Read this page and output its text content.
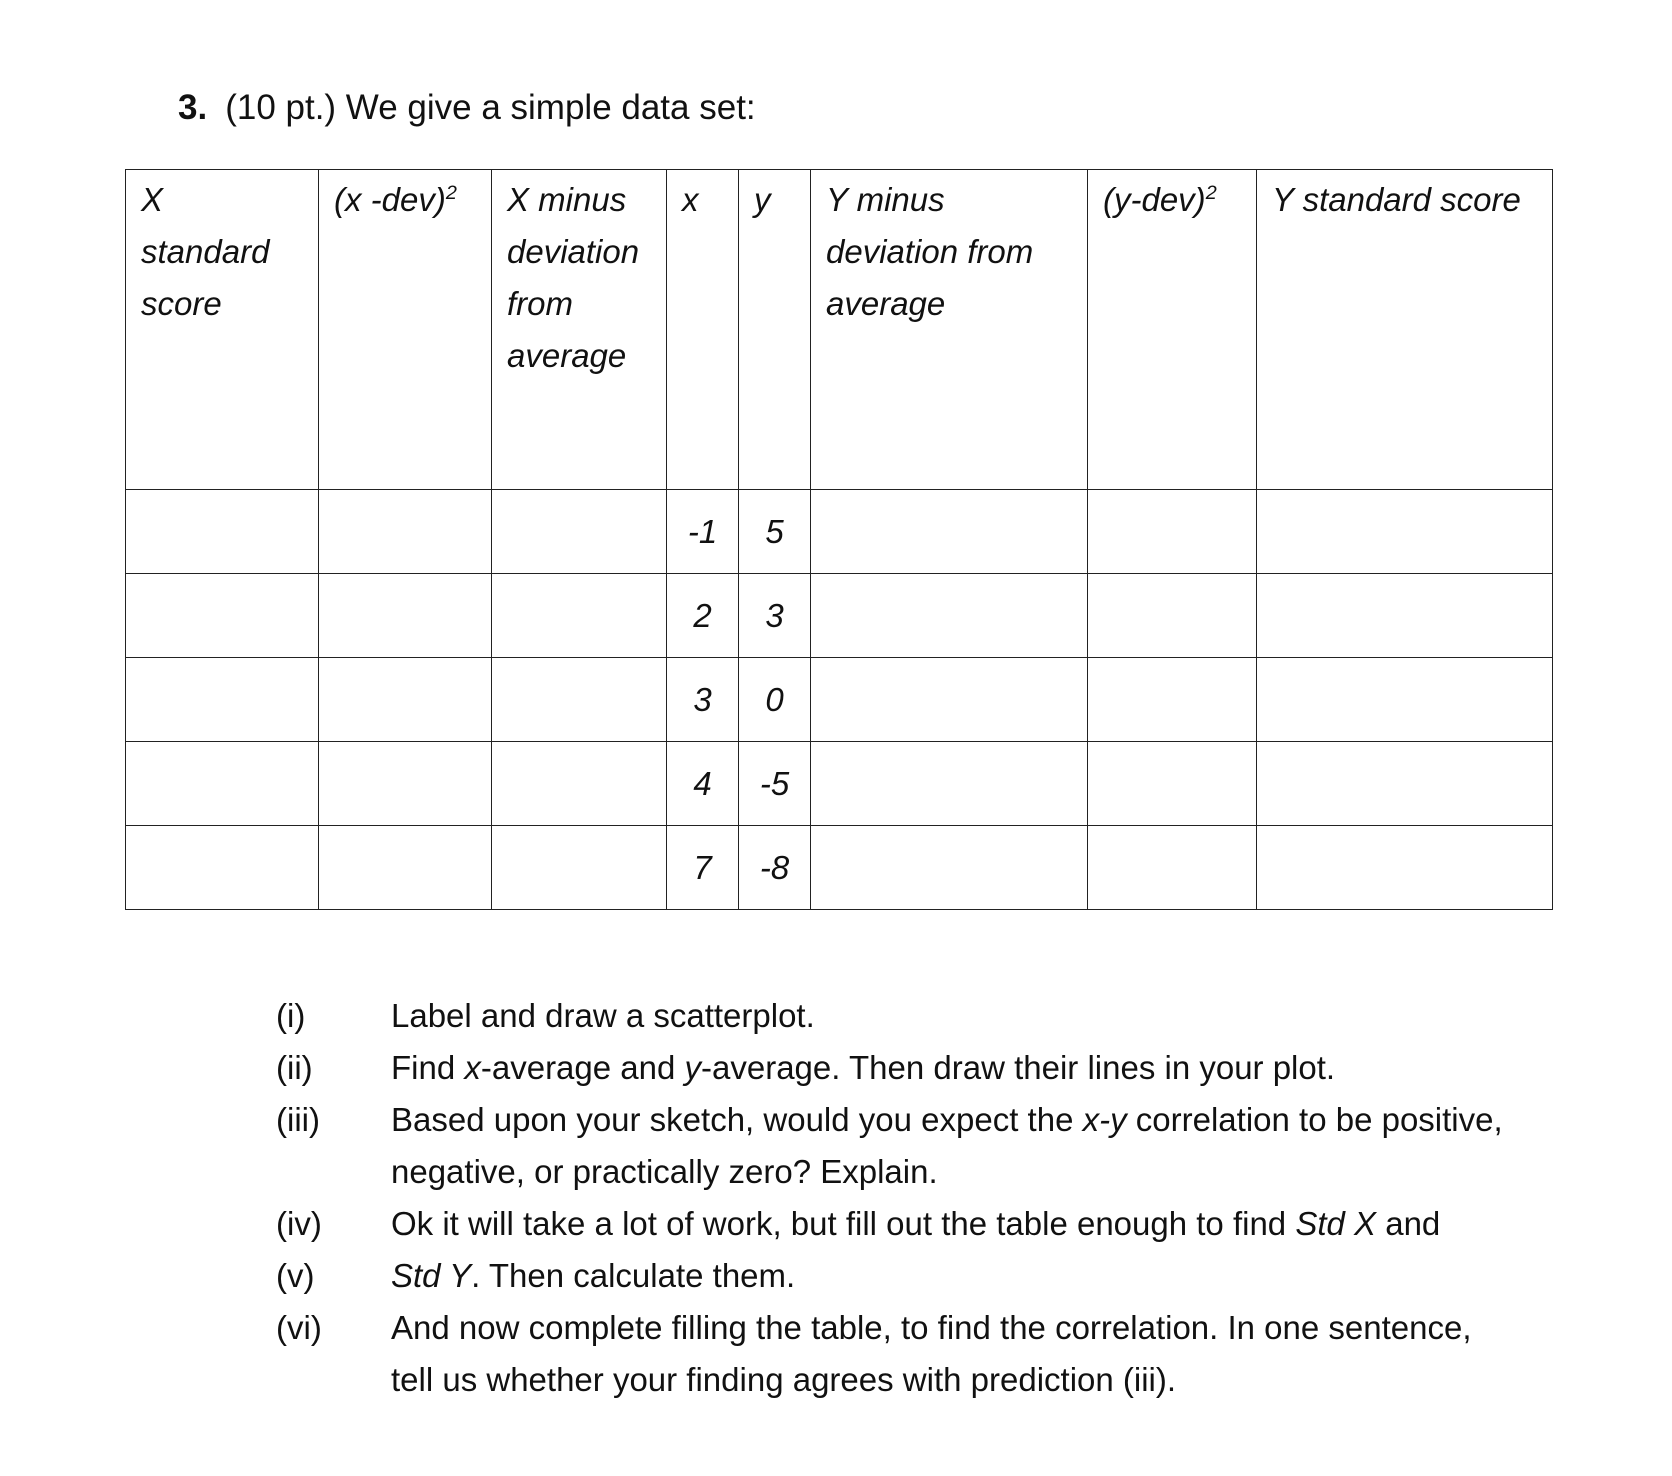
3. (10 pt.) We give a simple data set:
X
standard
score	(x -dev)$^2$	X minus
deviation
from
average	x	y	Y minus
deviation from
average	$(y-dev)^2$	Y standard score
			-1	5			
			2	3			
			3	0			
			4	-5			
			7	-8			
(i)	Label and draw a scatterplot.
(ii) Find x-average and y-average. Then draw their lines in your plot.
(iii) Based upon your sketch, would you expect the x-y correlation to be positive,
negative, or practically zero? Explain.
(iv) Ok it will take a lot of work, but fill out the table enough to find Std X and
(v) Std Y. Then calculate them.
(vi) And now complete filling the table, to find the correlation. In one sentence,
tell us whether your finding agrees with prediction (iii).
